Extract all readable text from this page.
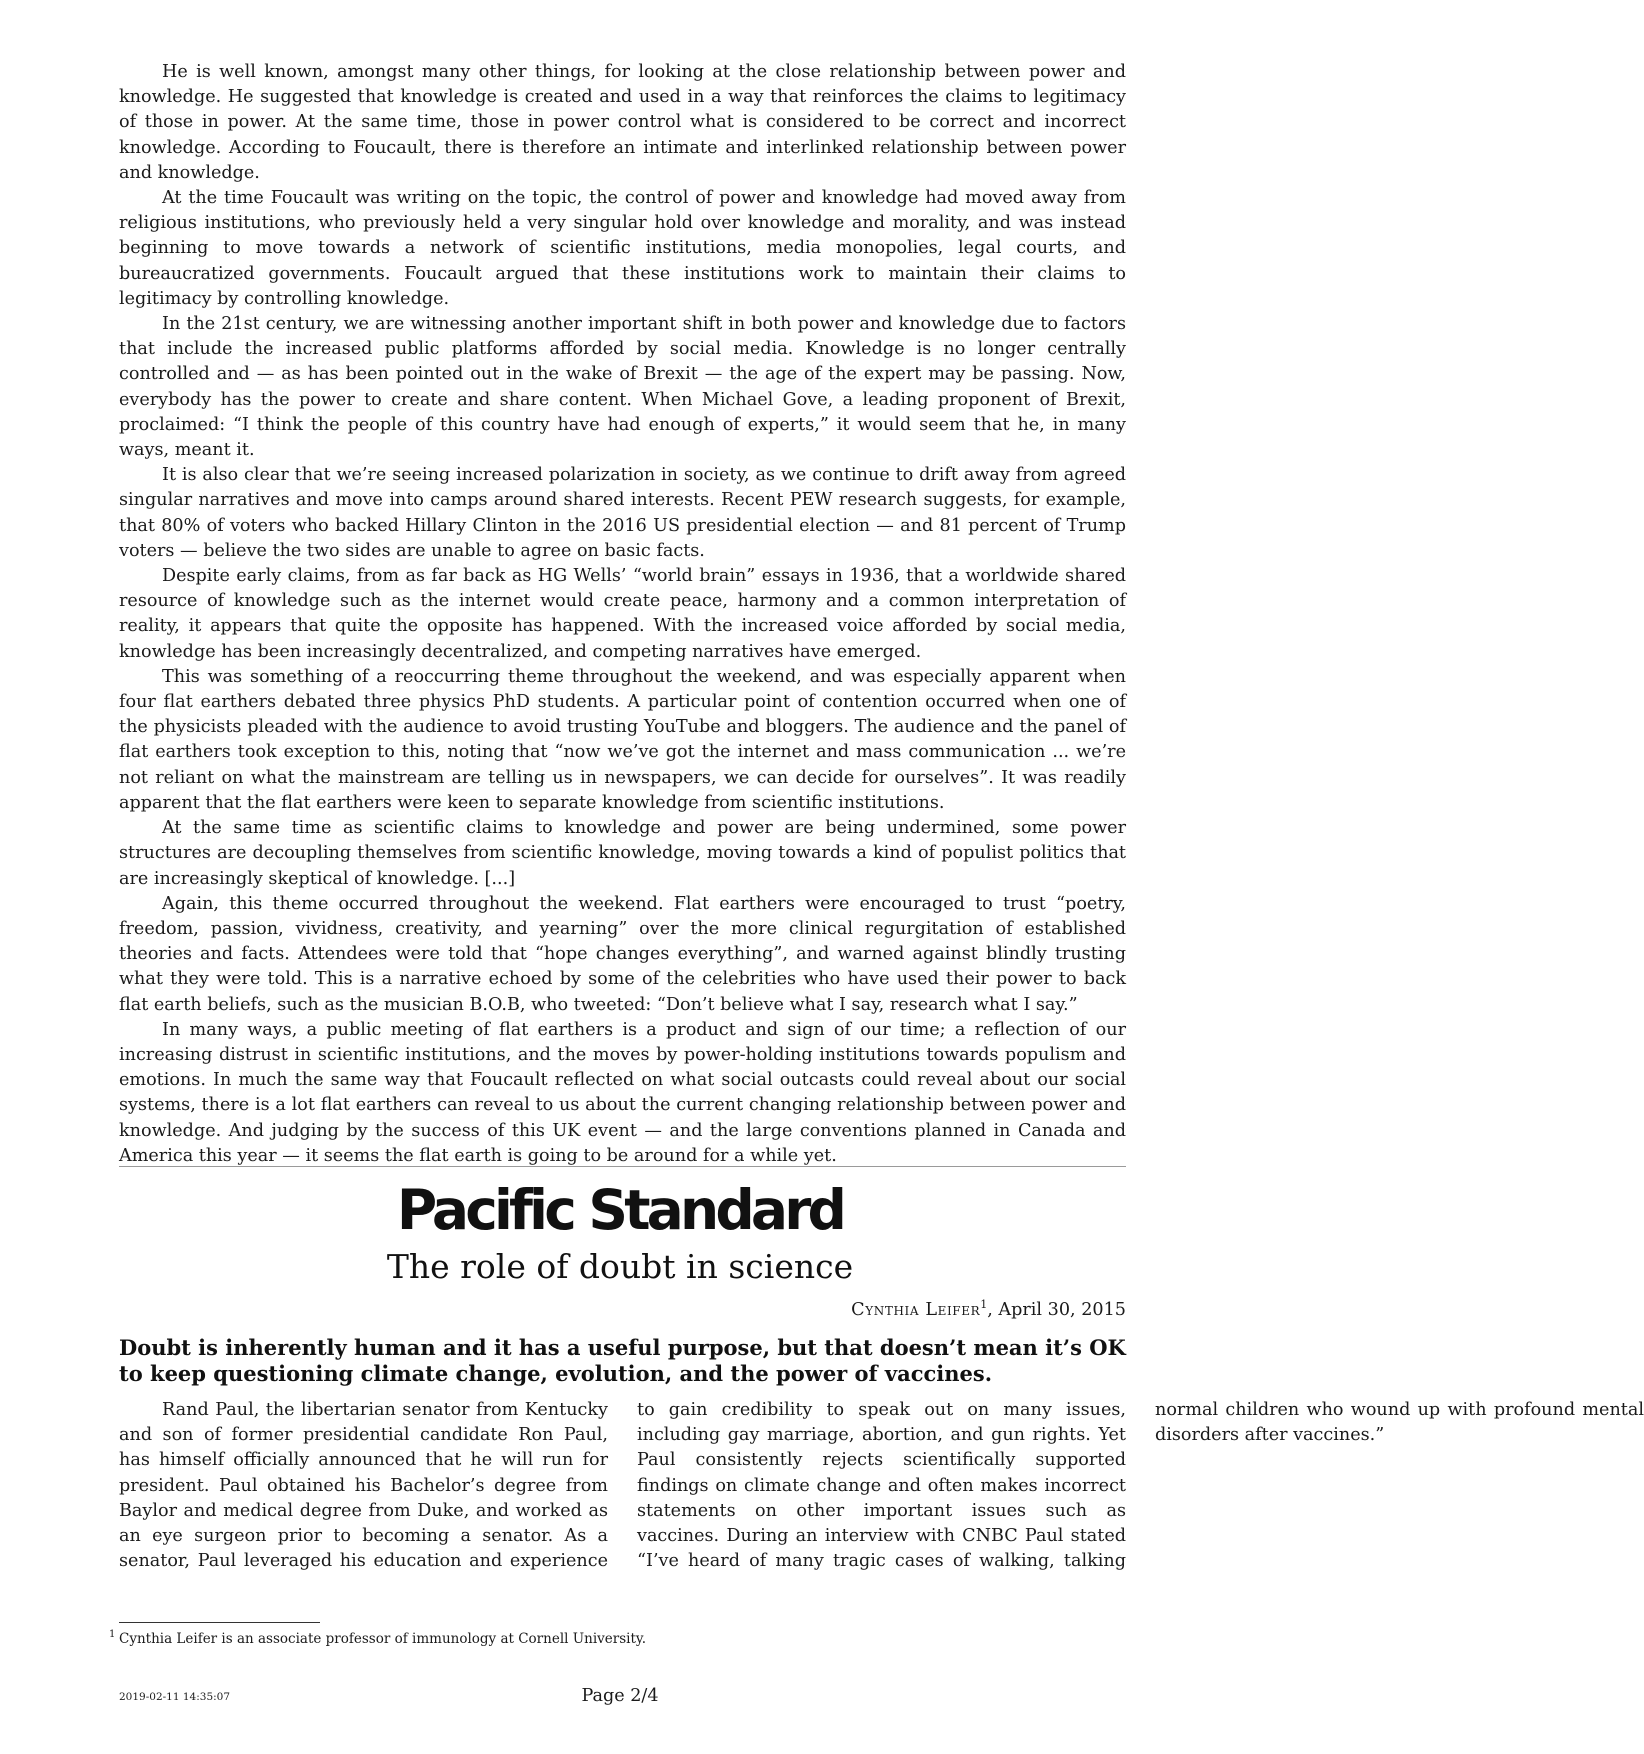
He is well known, amongst many other things, for looking at the close relationship between power and knowledge. He suggested that knowledge is created and used in a way that reinforces the claims to legitimacy of those in power. At the same time, those in power control what is considered to be correct and incorrect knowledge. According to Foucault, there is therefore an intimate and interlinked relationship between power and knowledge.

At the time Foucault was writing on the topic, the control of power and knowledge had moved away from religious institutions, who previously held a very singular hold over knowledge and morality, and was instead beginning to move towards a network of scientific institutions, media monopolies, legal courts, and bureaucratized governments. Foucault argued that these institutions work to maintain their claims to legitimacy by controlling knowledge.

In the 21st century, we are witnessing another important shift in both power and knowledge due to factors that include the increased public platforms afforded by social media. Knowledge is no longer centrally controlled and — as has been pointed out in the wake of Brexit — the age of the expert may be passing. Now, everybody has the power to create and share content. When Michael Gove, a leading proponent of Brexit, proclaimed: “I think the people of this country have had enough of experts,” it would seem that he, in many ways, meant it.

It is also clear that we’re seeing increased polarization in society, as we continue to drift away from agreed singular narratives and move into camps around shared interests. Recent PEW research suggests, for example, that 80% of voters who backed Hillary Clinton in the 2016 US presidential election — and 81 percent of Trump voters — believe the two sides are unable to agree on basic facts.

Despite early claims, from as far back as HG Wells’ “world brain” essays in 1936, that a worldwide shared resource of knowledge such as the internet would create peace, harmony and a common interpretation of reality, it appears that quite the opposite has happened. With the increased voice afforded by social media, knowledge has been increasingly decentralized, and competing narratives have emerged.

This was something of a reoccurring theme throughout the weekend, and was especially apparent when four flat earthers debated three physics PhD students. A particular point of contention occurred when one of the physicists pleaded with the audience to avoid trusting YouTube and bloggers. The audience and the panel of flat earthers took exception to this, noting that “now we’ve got the internet and mass communication ... we’re not reliant on what the mainstream are telling us in newspapers, we can decide for ourselves”. It was readily apparent that the flat earthers were keen to separate knowledge from scientific institutions.

At the same time as scientific claims to knowledge and power are being undermined, some power structures are decoupling themselves from scientific knowledge, moving towards a kind of populist politics that are increasingly skeptical of knowledge. [...]

Again, this theme occurred throughout the weekend. Flat earthers were encouraged to trust “poetry, freedom, passion, vividness, creativity, and yearning” over the more clinical regurgitation of established theories and facts. Attendees were told that “hope changes everything”, and warned against blindly trusting what they were told. This is a narrative echoed by some of the celebrities who have used their power to back flat earth beliefs, such as the musician B.O.B, who tweeted: “Don’t believe what I say, research what I say.”

In many ways, a public meeting of flat earthers is a product and sign of our time; a reflection of our increasing distrust in scientific institutions, and the moves by power-holding institutions towards populism and emotions. In much the same way that Foucault reflected on what social outcasts could reveal about our social systems, there is a lot flat earthers can reveal to us about the current changing relationship between power and knowledge. And judging by the success of this UK event — and the large conventions planned in Canada and America this year — it seems the flat earth is going to be around for a while yet.

Pacific Standard
The role of doubt in science
Cynthia Leifer$^1$, April 30, 2015
Doubt is inherently human and it has a useful purpose, but that doesn’t mean it’s OK to keep questioning climate change, evolution, and the power of vaccines.

Rand Paul, the libertarian senator from Kentucky and son of former presidential candidate Ron Paul, has himself officially announced that he will run for president. Paul obtained his Bachelor’s degree from Baylor and medical degree from Duke, and worked as an eye surgeon prior to becoming a senator. As a senator, Paul leveraged his education and experience to gain credibility to speak out on many issues, including gay marriage, abortion, and gun rights. Yet Paul consistently rejects scientifically supported findings on climate change and often makes incorrect statements on other important issues such as vaccines. During an interview with CNBC Paul stated “I’ve heard of many tragic cases of walking, talking normal children who wound up with profound mental disorders after vaccines.”

1 Cynthia Leifer is an associate professor of immunology at Cornell University.
2019-02-11 14:35:07	Page 2/4
